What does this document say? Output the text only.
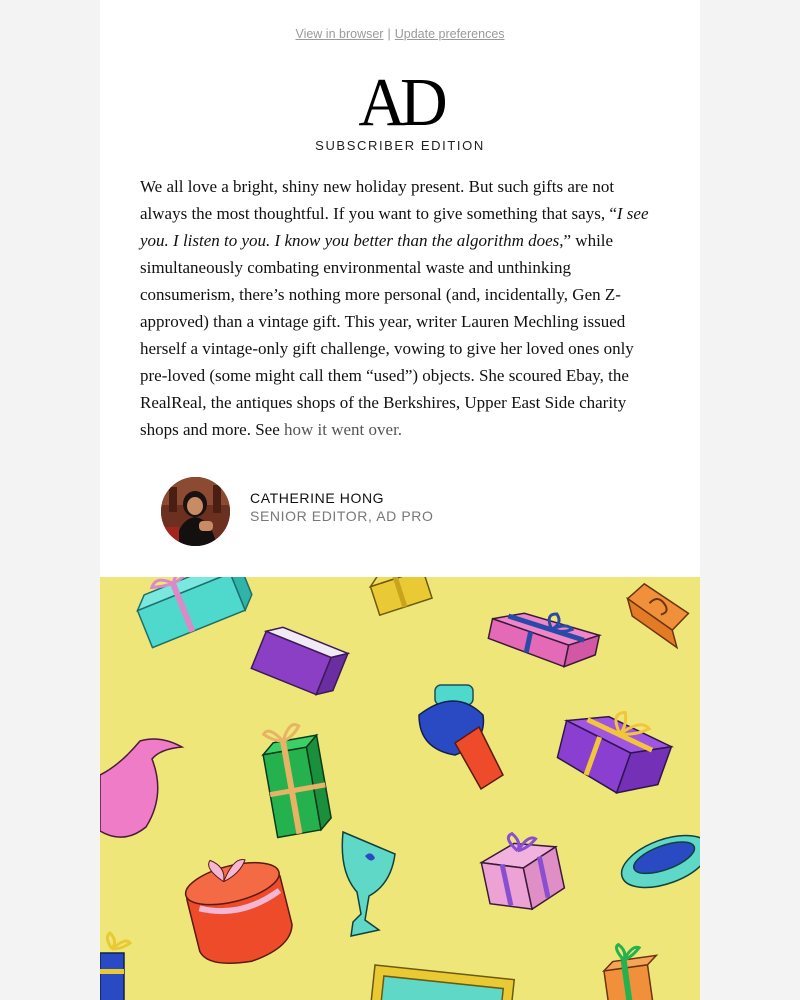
View in browser | Update preferences
AD
SUBSCRIBER EDITION
We all love a bright, shiny new holiday present. But such gifts are not always the most thoughtful. If you want to give something that says, “I see you. I listen to you. I know you better than the algorithm does,” while simultaneously combating environmental waste and unthinking consumerism, there’s nothing more personal (and, incidentally, Gen Z-approved) than a vintage gift. This year, writer Lauren Mechling issued herself a vintage-only gift challenge, vowing to give her loved ones only pre-loved (some might call them “used”) objects. She scoured Ebay, the RealReal, the antiques shops of the Berkshires, Upper East Side charity shops and more. See how it went over.
CATHERINE HONG
SENIOR EDITOR, AD PRO
